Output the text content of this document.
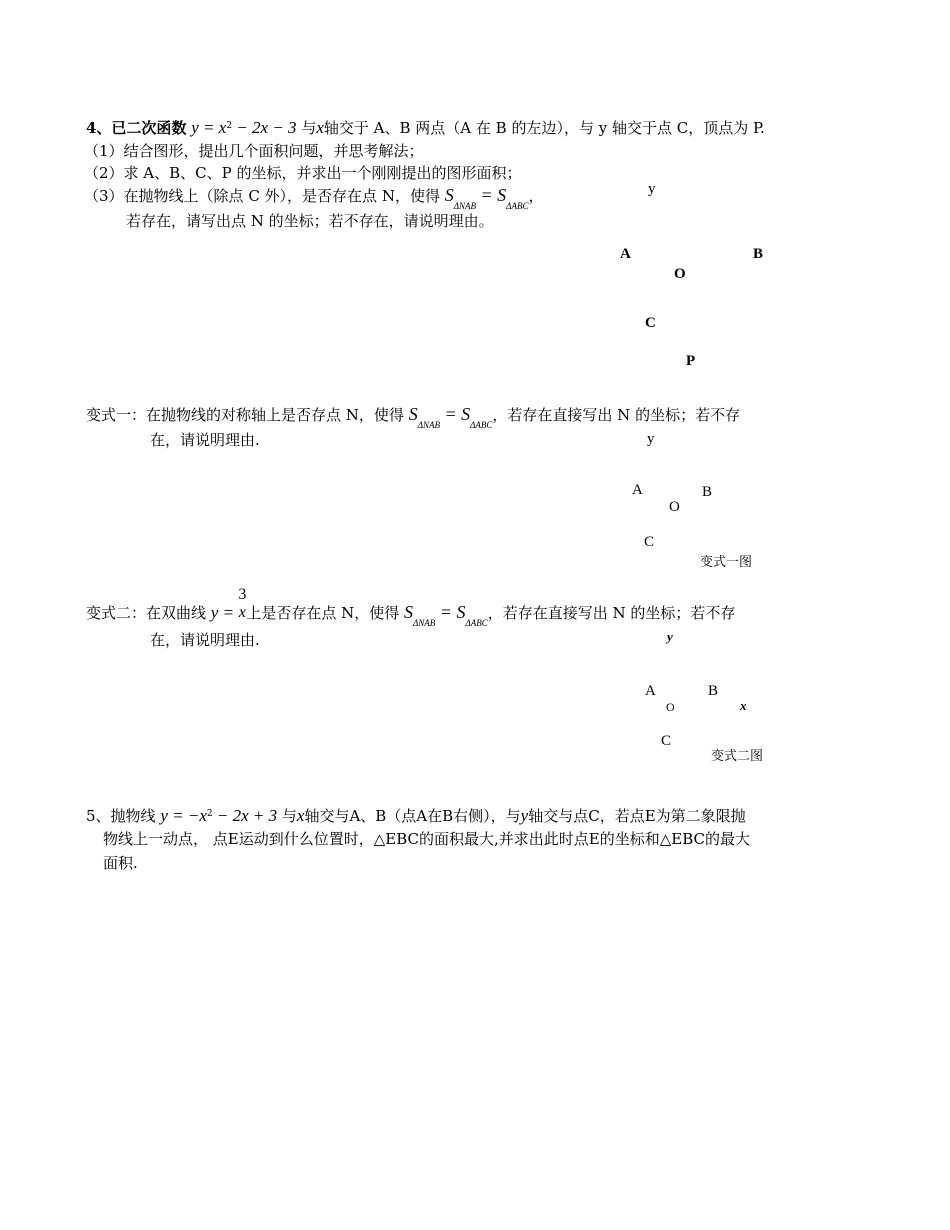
4、已二次函数 $y = x^2 - 2x - 3$ 与x轴交于 A、B 两点（A 在 B 的左边），与 y 轴交于点 C，顶点为 P.
（1）结合图形，提出几个面积问题，并思考解法；
（2）求 A、B、C、P 的坐标，并求出一个刚刚提出的图形面积；
（3）在抛物线上（除点 C 外），是否存在点 N，使得 $S_{\Delta NAB} = S_{\Delta ABC}$，
若存在，请写出点 N 的坐标；若不存在，请说明理由。
y
A	B
O
C
P
变式一：在抛物线的对称轴上是否存点 N，使得 $S_{\Delta NAB} = S_{\Delta ABC}$，若存在直接写出 N 的坐标；若不存
在，请说明理由.	y
A	B
O
C
变式一图
变式二：在双曲线 y =
3
x 上是否存在点 N，使得 $S_{\Delta NAB} = S_{\Delta ABC}$，若存在直接写出 N 的坐标；若不存
在，请说明理由.	y
A	B
O	x
C
变式二图
5、抛物线 $y = -x^2 - 2x + 3$ 与x轴交与A、B（点A在B右侧），与y轴交与点C，若点E为第二象限抛
物线上一动点， 点E运动到什么位置时，△EBC的面积最大,并求出此时点E的坐标和△EBC的最大
面积.
